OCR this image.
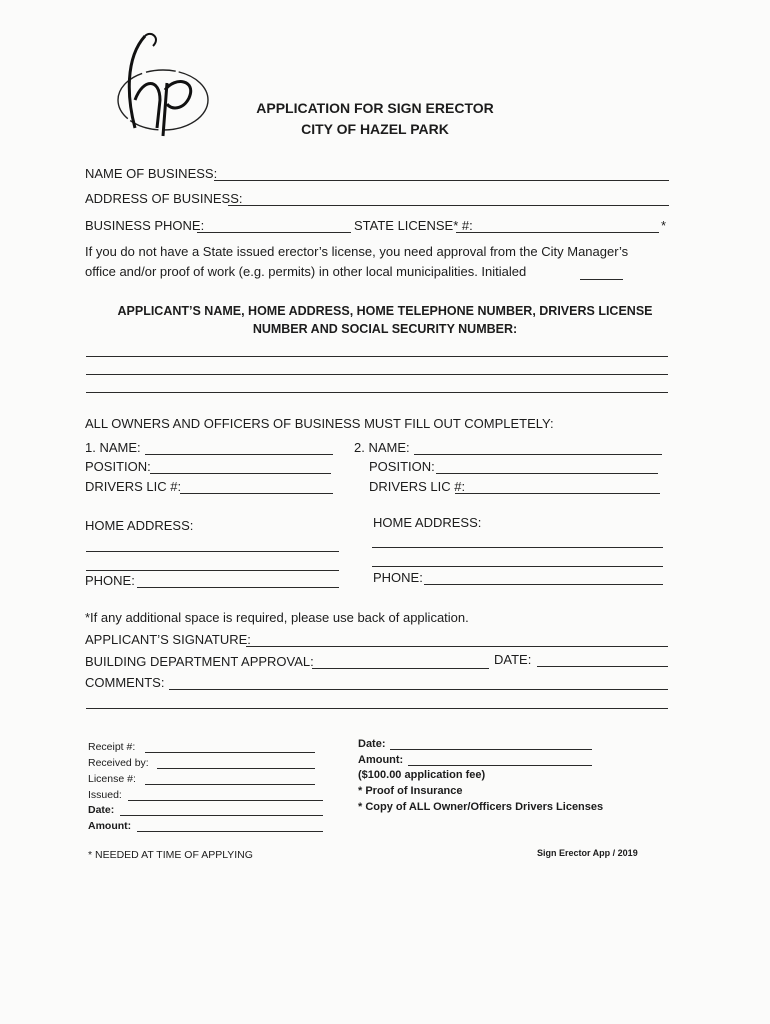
APPLICATION FOR SIGN ERECTOR
CITY OF HAZEL PARK
NAME OF BUSINESS:
ADDRESS OF BUSINESS:
BUSINESS PHONE:	STATE LICENSE* #:	*
If you do not have a State issued erector’s license, you need approval from the City Manager’s
office and/or proof of work (e.g. permits) in other local municipalities. Initialed
APPLICANT’S NAME, HOME ADDRESS, HOME TELEPHONE NUMBER, DRIVERS LICENSE
NUMBER AND SOCIAL SECURITY NUMBER:
ALL OWNERS AND OFFICERS OF BUSINESS MUST FILL OUT COMPLETELY:
1. NAME:
POSITION:
DRIVERS LIC #:
2. NAME:
POSITION:
DRIVERS LIC #:
HOME ADDRESS:	HOME ADDRESS:
PHONE:	PHONE:
*If any additional space is required, please use back of application.
APPLICANT’S SIGNATURE:
BUILDING DEPARTMENT APPROVAL:	DATE:
COMMENTS:
Receipt #:
Received by:
License #:
Issued:
Date:
Amount:
Date:
Amount:
($100.00 application fee)
* Proof of Insurance
* Copy of ALL Owner/Officers Drivers Licenses
* NEEDED AT TIME OF APPLYING	Sign Erector App / 2019
